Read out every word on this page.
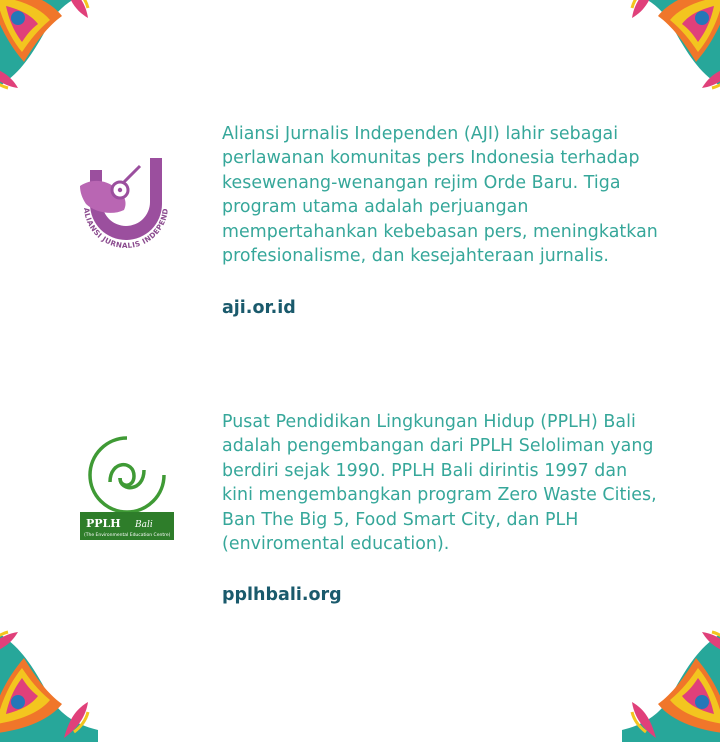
ALIANSI JURNALIS INDEPEND

Aliansi Jurnalis Independen (AJI) lahir sebagai perlawanan komunitas pers Indonesia terhadap kesewenang-wenangan rejim Orde Baru. Tiga program utama adalah perjuangan mempertahankan kebebasan pers, meningkatkan profesionalisme, dan kesejahteraan jurnalis.

aji.or.id

PPLH Bali
(The Environmental Education Centre)

Pusat Pendidikan Lingkungan Hidup (PPLH) Bali adalah pengembangan dari PPLH Seloliman yang berdiri sejak 1990. PPLH Bali dirintis 1997 dan kini mengembangkan program Zero Waste Cities, Ban The Big 5, Food Smart City, dan PLH (enviromental education).

pplhbali.org
